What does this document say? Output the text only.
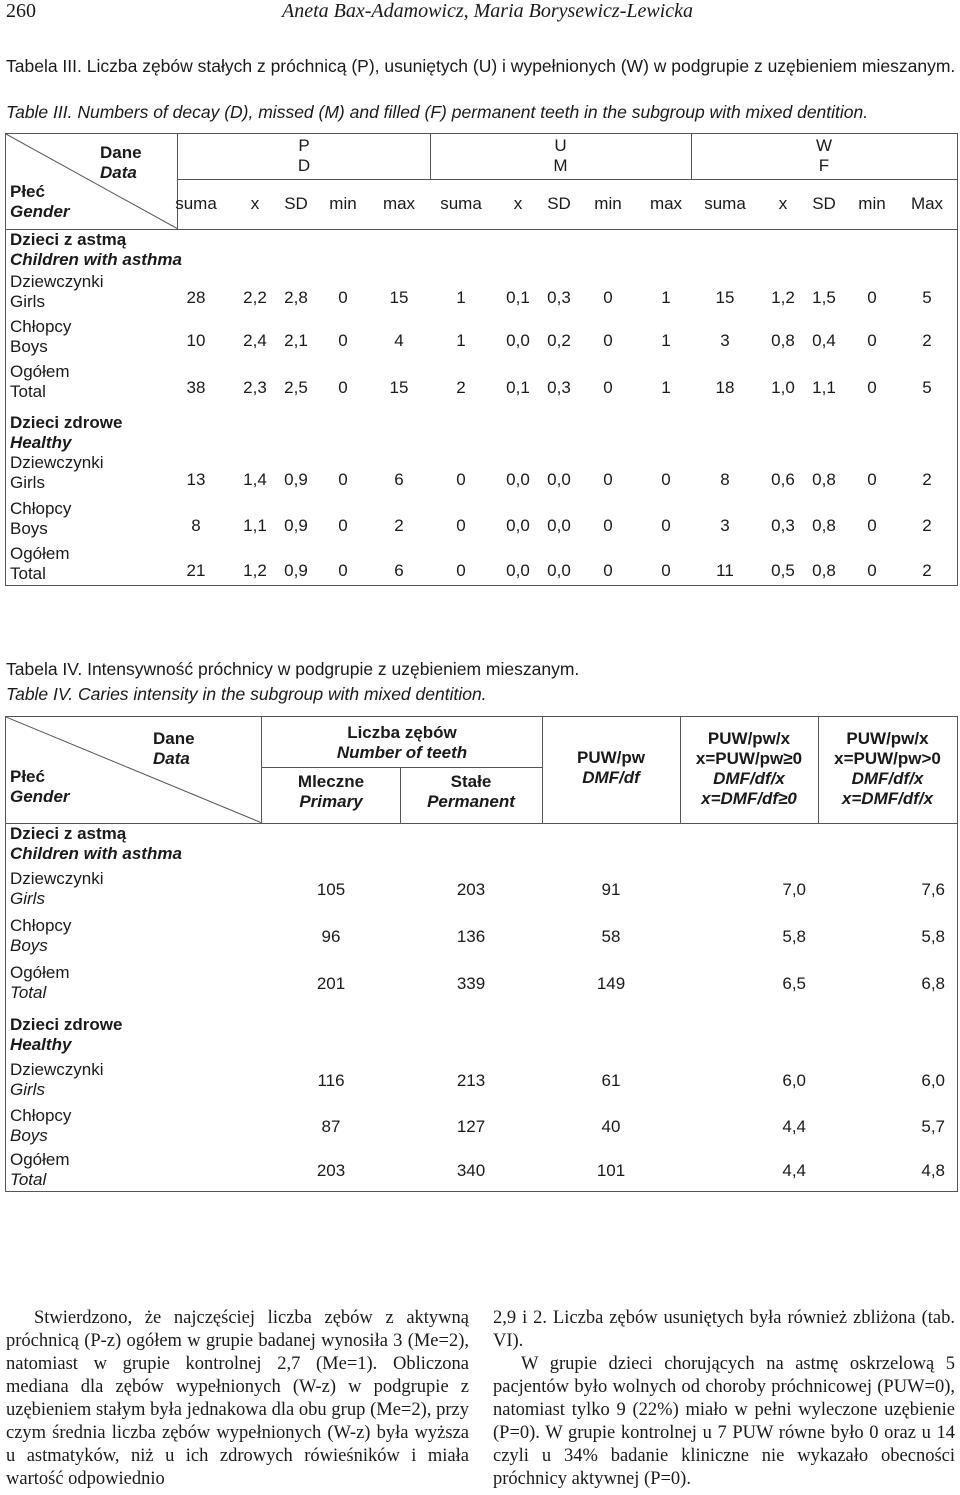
260	Aneta Bax-Adamowicz, Maria Borysewicz-Lewicka
Tabela III. Liczba zębów stałych z próchnicą (P), usuniętych (U) i wypełnionych (W) w podgrupie z uzębieniem mieszanym.
Table III. Numbers of decay (D), missed (M) and filled (F) permanent teeth in the subgroup with mixed dentition.
Dane
Data
Płeć
Gender
P
D
U
M
W
F
suma	x	SD	min	max	suma	x	SD	min	max	suma	x	SD	min	Max
Dzieci z astmą
Children with asthma
Dziewczynki
Girls	28	2,2	2,8	0	15	1	0,1	0,3	0	1	15	1,2	1,5	0	5
Chłopcy
Boys	10	2,4	2,1	0	4	1	0,0	0,2	0	1	3	0,8	0,4	0	2
Ogółem
Total	38	2,3	2,5	0	15	2	0,1	0,3	0	1	18	1,0	1,1	0	5
Dzieci zdrowe
Healthy
Dziewczynki
Girls	13	1,4	0,9	0	6	0	0,0	0,0	0	0	8	0,6	0,8	0	2
Chłopcy
Boys	8	1,1	0,9	0	2	0	0,0	0,0	0	0	3	0,3	0,8	0	2
Ogółem
Total	21	1,2	0,9	0	6	0	0,0	0,0	0	0	11	0,5	0,8	0	2
Tabela IV. Intensywność próchnicy w podgrupie z uzębieniem mieszanym.
Table IV. Caries intensity in the subgroup with mixed dentition.
Dane
Data
Płeć
Gender
Liczba zębów
Number of teeth
Mleczne
Primary
Stałe
Permanent
PUW/pw
DMF/df
PUW/pw/x
x=PUW/pw≥0
DMF/df/x
x=DMF/df≥0
PUW/pw/x
x=PUW/pw>0
DMF/df/x
x=DMF/df/x
Dzieci z astmą
Children with asthma
Dziewczynki
Girls	105	203	91	7,0	7,6
Chłopcy
Boys	96	136	58	5,8	5,8
Ogółem
Total	201	339	149	6,5	6,8
Dzieci zdrowe
Healthy
Dziewczynki
Girls	116	213	61	6,0	6,0
Chłopcy
Boys	87	127	40	4,4	5,7
Ogółem
Total	203	340	101	4,4	4,8

Stwierdzono, że najczęściej liczba zębów z aktywną próchnicą (P-z) ogółem w grupie badanej wynosiła 3 (Me=2), natomiast w grupie kontrolnej 2,7 (Me=1). Obliczona mediana dla zębów wypełnionych (W-z) w podgrupie z uzębieniem stałym była jednakowa dla obu grup (Me=2), przy czym średnia liczba zębów wypełnionych (W-z) była wyższa u astmatyków, niż u ich zdrowych rówieśników i miała wartość odpowiednio

2,9 i 2. Liczba zębów usuniętych była również zbliżona (tab. VI).

W grupie dzieci chorujących na astmę oskrzelową 5 pacjentów było wolnych od choroby próchnicowej (PUW=0), natomiast tylko 9 (22%) miało w pełni wyleczone uzębienie (P=0). W grupie kontrolnej u 7 PUW równe było 0 oraz u 14 czyli u 34% badanie kliniczne nie wykazało obecności próchnicy aktywnej (P=0).
